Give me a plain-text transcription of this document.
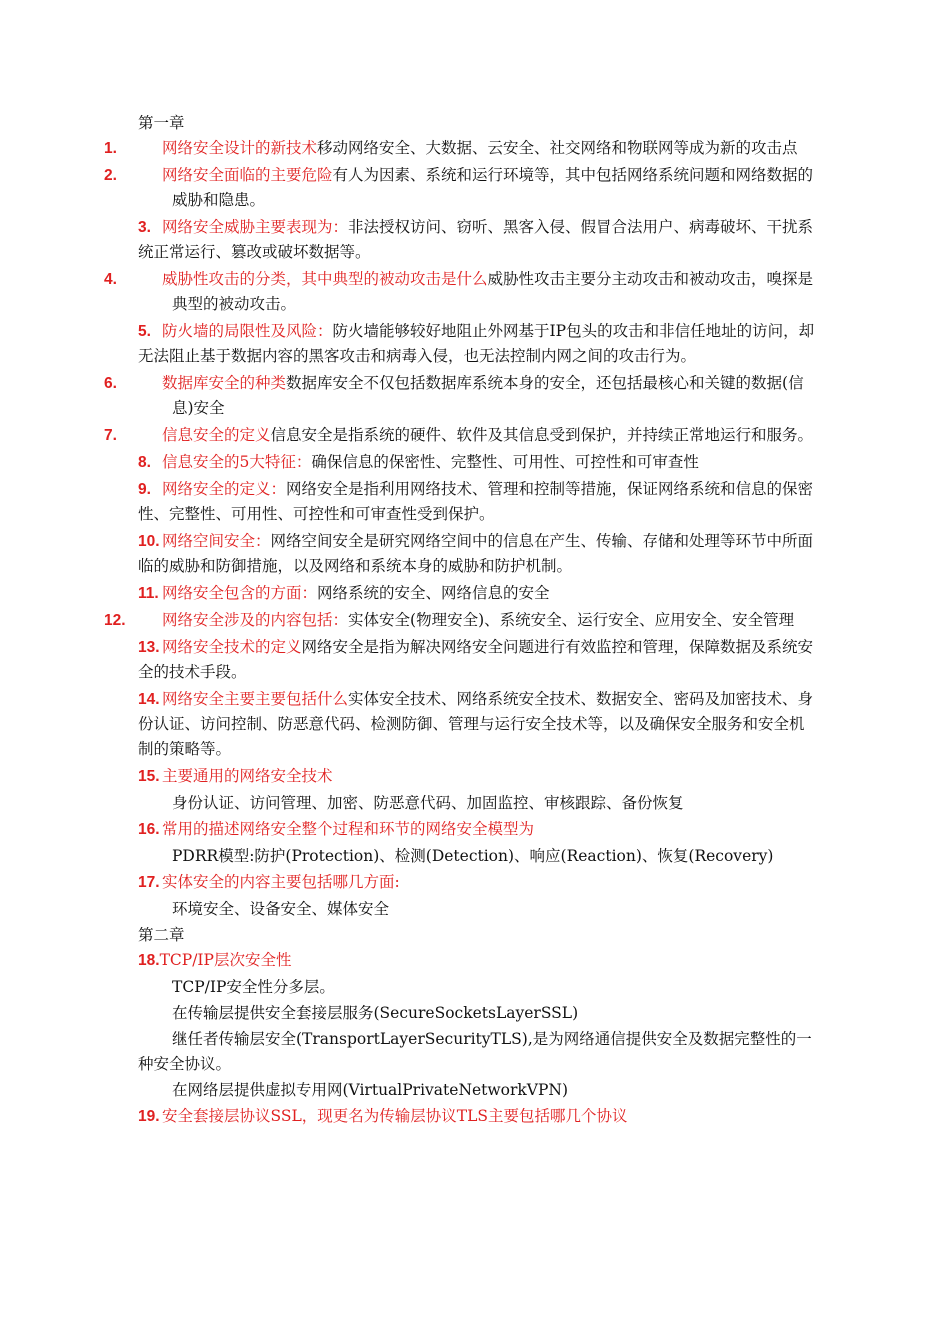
第一章

1.	网络安全设计的新技术移动网络安全、大数据、云安全、社交网络和物联网等成为新的攻击点

2.	网络安全面临的主要危险有人为因素、系统和运行环境等，其中包括网络系统问题和网络数据的威胁和隐患。

3. 网络安全威胁主要表现为：非法授权访问、窃听、黑客入侵、假冒合法用户、病毒破坏、干扰系统正常运行、篡改或破坏数据等。

4.	威胁性攻击的分类，其中典型的被动攻击是什么威胁性攻击主要分主动攻击和被动攻击，嗅探是典型的被动攻击。

5. 防火墙的局限性及风险：防火墙能够较好地阻止外网基于IP包头的攻击和非信任地址的访问，却无法阻止基于数据内容的黑客攻击和病毒入侵，也无法控制内网之间的攻击行为。

6.	数据库安全的种类数据库安全不仅包括数据库系统本身的安全，还包括最核心和关键的数据(信息)安全

7.	信息安全的定义信息安全是指系统的硬件、软件及其信息受到保护，并持续正常地运行和服务。

8. 信息安全的5大特征：确保信息的保密性、完整性、可用性、可控性和可审查性

9. 网络安全的定义：网络安全是指利用网络技术、管理和控制等措施，保证网络系统和信息的保密性、完整性、可用性、可控性和可审查性受到保护。

10. 网络空间安全：网络空间安全是研究网络空间中的信息在产生、传输、存储和处理等环节中所面临的威胁和防御措施，以及网络和系统本身的威胁和防护机制。

11. 网络安全包含的方面：网络系统的安全、网络信息的安全

12. 网络安全涉及的内容包括：实体安全(物理安全)、系统安全、运行安全、应用安全、安全管理

13. 网络安全技术的定义网络安全是指为解决网络安全问题进行有效监控和管理，保障数据及系统安全的技术手段。

14. 网络安全主要主要包括什么实体安全技术、网络系统安全技术、数据安全、密码及加密技术、身份认证、访问控制、防恶意代码、检测防御、管理与运行安全技术等，以及确保安全服务和安全机制的策略等。

15. 主要通用的网络安全技术

身份认证、访问管理、加密、防恶意代码、加固监控、审核跟踪、备份恢复

16. 常用的描述网络安全整个过程和环节的网络安全模型为

PDRR模型:防护(Protection)、检测(Detection)、响应(Reaction)、恢复(Recovery)

17. 实体安全的内容主要包括哪几方面:

环境安全、设备安全、媒体安全

第二章

18.TCP/IP层次安全性

TCP/IP安全性分多层。

在传输层提供安全套接层服务(SecureSocketsLayerSSL)

继任者传输层安全(TransportLayerSecurityTLS),是为网络通信提供安全及数据完整性的一种安全协议。

在网络层提供虚拟专用网(VirtualPrivateNetworkVPN)

19. 安全套接层协议SSL，现更名为传输层协议TLS主要包括哪几个协议
